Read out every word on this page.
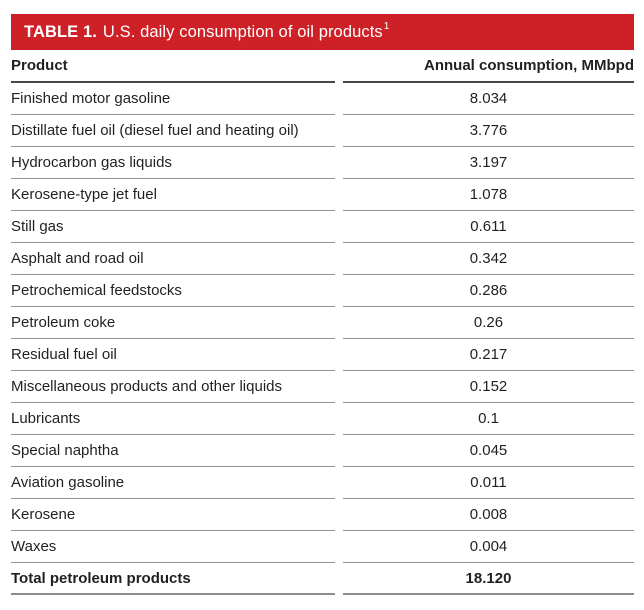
TABLE 1. U.S. daily consumption of oil products$^1$
Product	Annual consumption, MMbpd
Finished motor gasoline	8.034
Distillate fuel oil (diesel fuel and heating oil)	3.776
Hydrocarbon gas liquids	3.197
Kerosene-type jet fuel	1.078
Still gas	0.611
Asphalt and road oil	0.342
Petrochemical feedstocks	0.286
Petroleum coke	0.26
Residual fuel oil	0.217
Miscellaneous products and other liquids	0.152
Lubricants	0.1
Special naphtha	0.045
Aviation gasoline	0.011
Kerosene	0.008
Waxes	0.004
Total petroleum products	18.120
